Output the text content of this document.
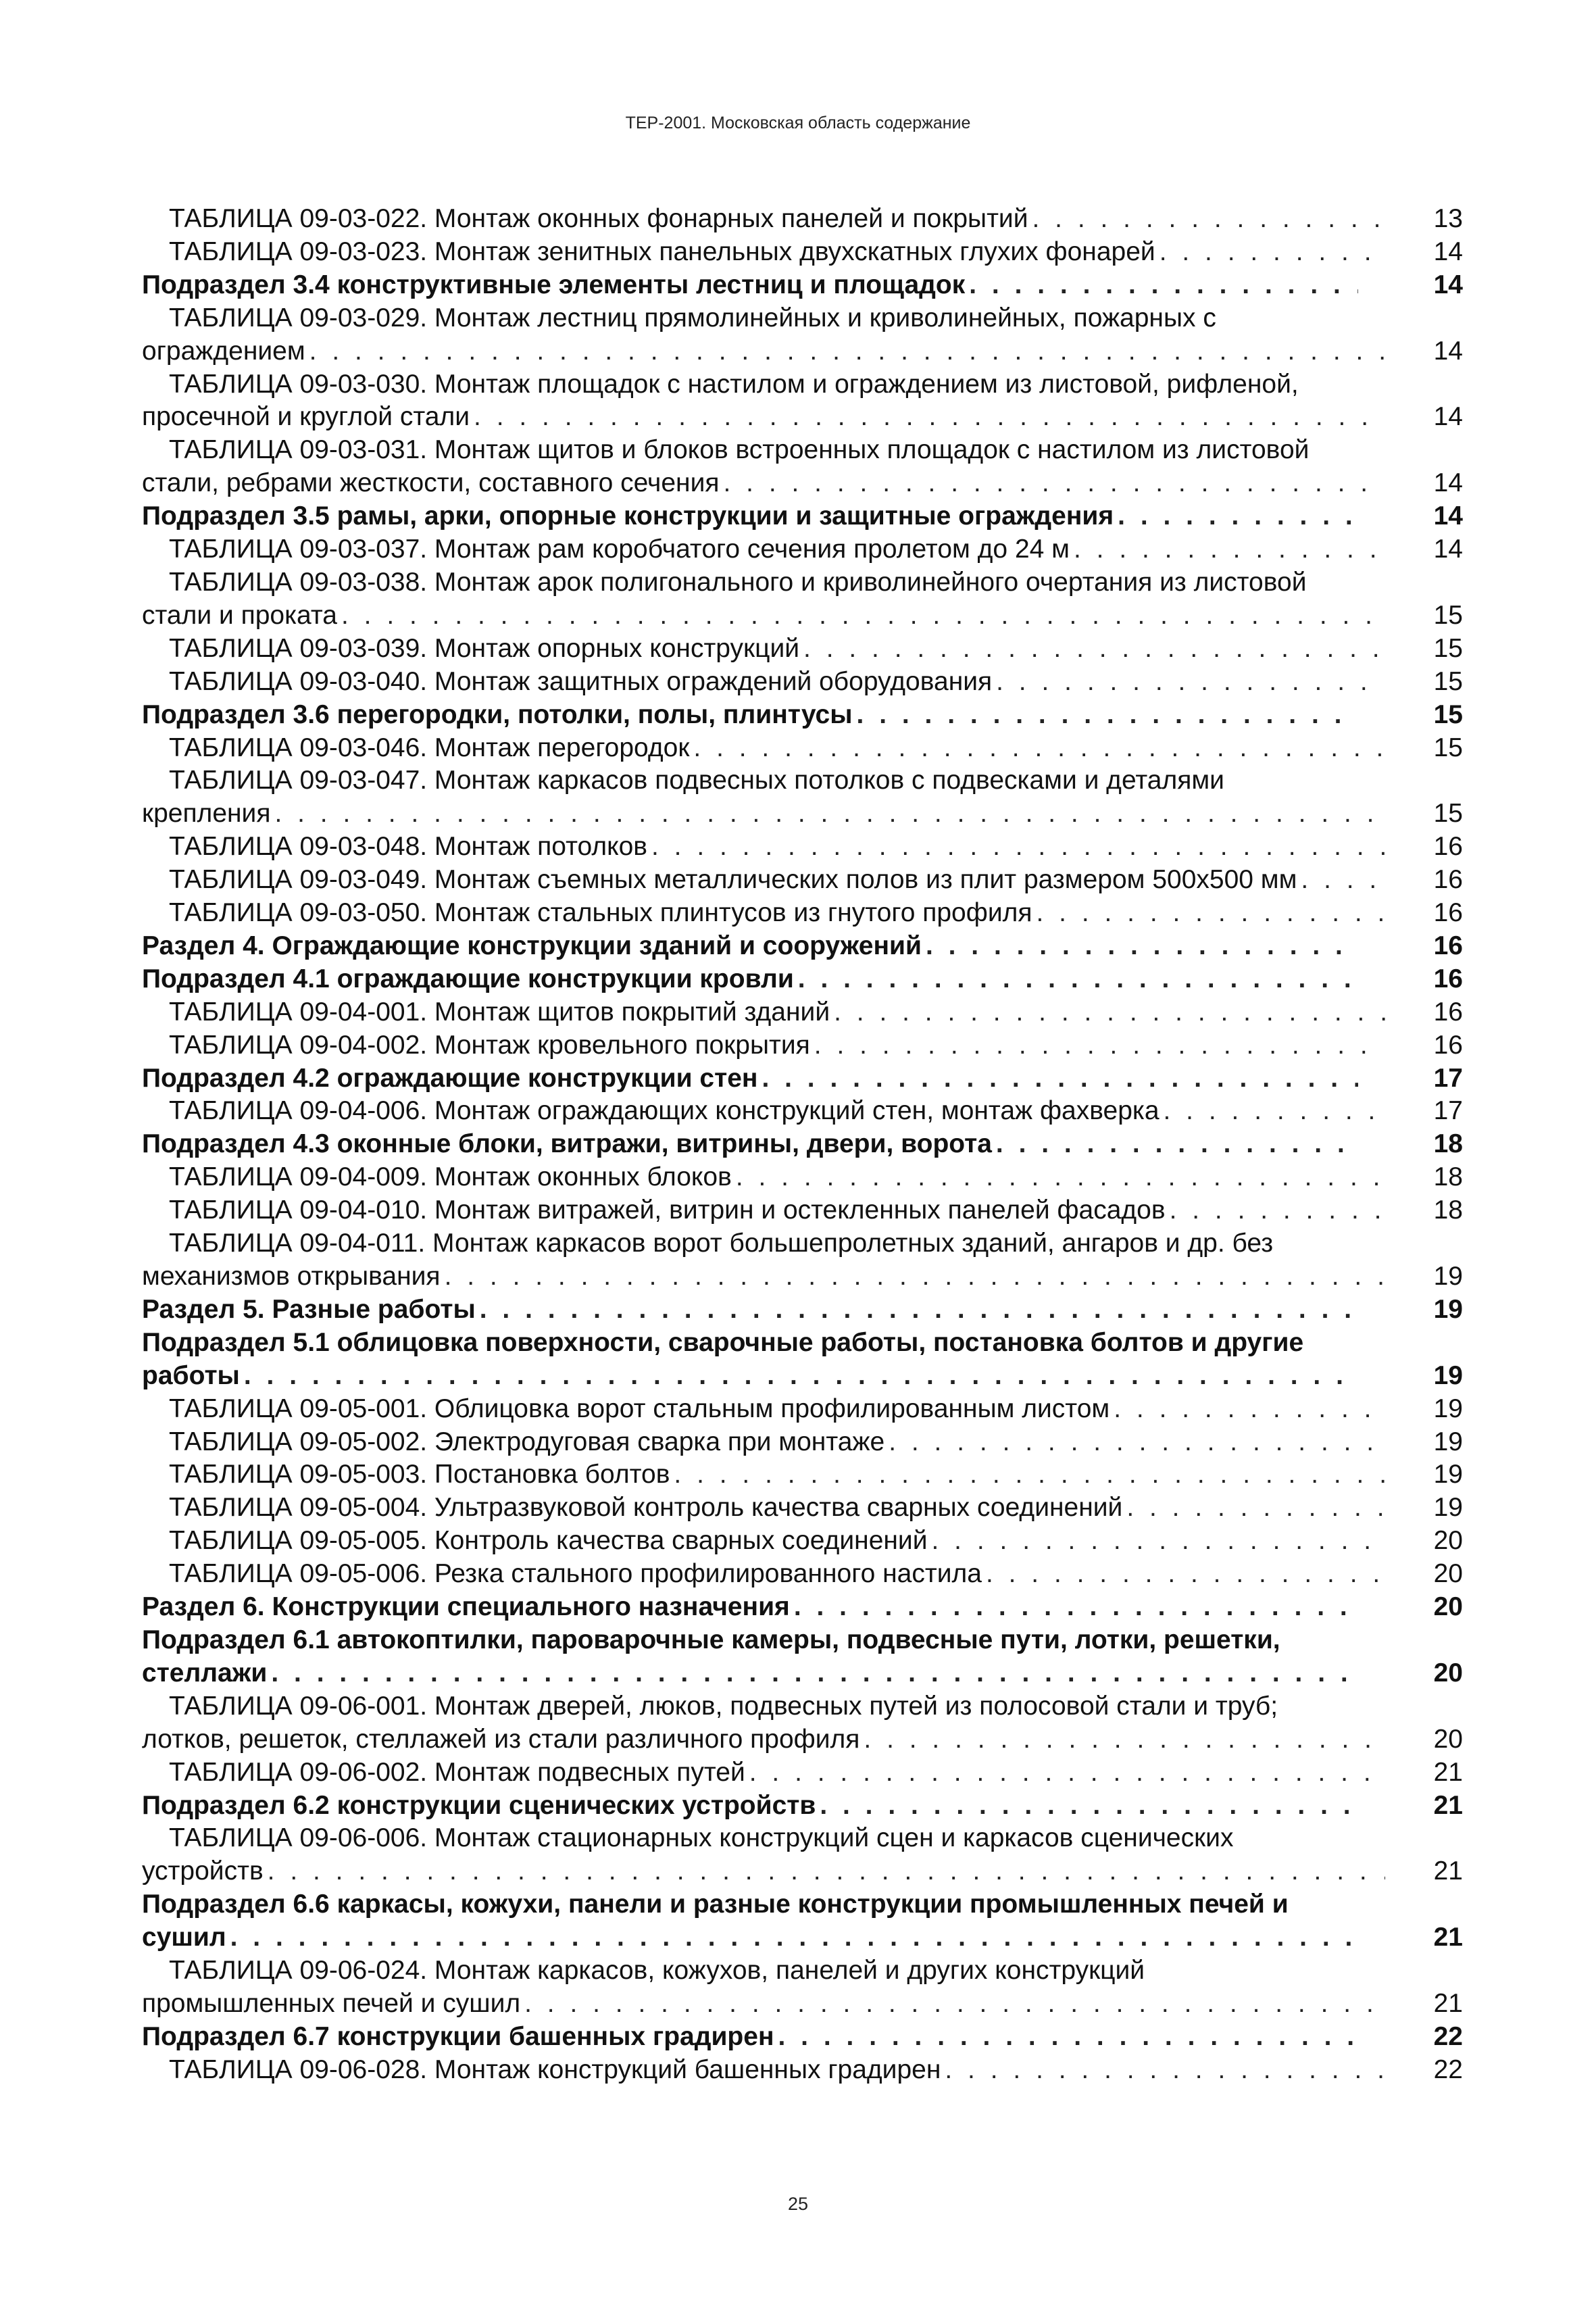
ТЕР-2001. Московская область содержание
ТАБЛИЦА 09-03-022. Монтаж оконных фонарных панелей и покрытий . . .	13
ТАБЛИЦА 09-03-023. Монтаж зенитных панельных двухскатных глухих фонарей . . .	14
Подраздел 3.4 конструктивные элементы лестниц и площадок . . .	14
ТАБЛИЦА 09-03-029. Монтаж лестниц прямолинейных и криволинейных, пожарных с
ограждением . . .	14
ТАБЛИЦА 09-03-030. Монтаж площадок с настилом и ограждением из листовой, рифленой,
просечной и круглой стали . . .	14
ТАБЛИЦА 09-03-031. Монтаж щитов и блоков встроенных площадок с настилом из листовой
стали, ребрами жесткости, составного сечения . . .	14
Подраздел 3.5 рамы, арки, опорные конструкции и защитные ограждения . . .	14
ТАБЛИЦА 09-03-037. Монтаж рам коробчатого сечения пролетом до 24 м . . .	14
ТАБЛИЦА 09-03-038. Монтаж арок полигонального и криволинейного очертания из листовой
стали и проката . . .	15
ТАБЛИЦА 09-03-039. Монтаж опорных конструкций . . .	15
ТАБЛИЦА 09-03-040. Монтаж защитных ограждений оборудования . . .	15
Подраздел 3.6 перегородки, потолки, полы, плинтусы . . .	15
ТАБЛИЦА 09-03-046. Монтаж перегородок . . .	15
ТАБЛИЦА 09-03-047. Монтаж каркасов подвесных потолков с подвесками и деталями
крепления . . .	15
ТАБЛИЦА 09-03-048. Монтаж потолков . . .	16
ТАБЛИЦА 09-03-049. Монтаж съемных металлических полов из плит размером 500х500 мм . . .	16
ТАБЛИЦА 09-03-050. Монтаж стальных плинтусов из гнутого профиля . . .	16
Раздел 4. Ограждающие конструкции зданий и сооружений . . .	16
Подраздел 4.1 ограждающие конструкции кровли . . .	16
ТАБЛИЦА 09-04-001. Монтаж щитов покрытий зданий . . .	16
ТАБЛИЦА 09-04-002. Монтаж кровельного покрытия . . .	16
Подраздел 4.2 ограждающие конструкции стен . . .	17
ТАБЛИЦА 09-04-006. Монтаж ограждающих конструкций стен, монтаж фахверка . . .	17
Подраздел 4.3 оконные блоки, витражи, витрины, двери, ворота . . .	18
ТАБЛИЦА 09-04-009. Монтаж оконных блоков . . .	18
ТАБЛИЦА 09-04-010. Монтаж витражей, витрин и остекленных панелей фасадов . . .	18
ТАБЛИЦА 09-04-011. Монтаж каркасов ворот большепролетных зданий, ангаров и др. без
механизмов открывания . . .	19
Раздел 5. Разные работы . . .	19
Подраздел 5.1 облицовка поверхности, сварочные работы, постановка болтов и другие
работы . . .	19
ТАБЛИЦА 09-05-001. Облицовка ворот стальным профилированным листом . . .	19
ТАБЛИЦА 09-05-002. Электродуговая сварка при монтаже . . .	19
ТАБЛИЦА 09-05-003. Постановка болтов . . .	19
ТАБЛИЦА 09-05-004. Ультразвуковой контроль качества сварных соединений . . .	19
ТАБЛИЦА 09-05-005. Контроль качества сварных соединений . . .	20
ТАБЛИЦА 09-05-006. Резка стального профилированного настила . . .	20
Раздел 6. Конструкции специального назначения . . .	20
Подраздел 6.1 автокоптилки, пароварочные камеры, подвесные пути, лотки, решетки,
стеллажи . . .	20
ТАБЛИЦА 09-06-001. Монтаж дверей, люков, подвесных путей из полосовой стали и труб;
лотков, решеток, стеллажей из стали различного профиля . . .	20
ТАБЛИЦА 09-06-002. Монтаж подвесных путей . . .	21
Подраздел 6.2 конструкции сценических устройств . . .	21
ТАБЛИЦА 09-06-006. Монтаж стационарных конструкций сцен и каркасов сценических
устройств . . .	21
Подраздел 6.6 каркасы, кожухи, панели и разные конструкции промышленных печей и
сушил . . .	21
ТАБЛИЦА 09-06-024. Монтаж каркасов, кожухов, панелей и других конструкций
промышленных печей и сушил . . .	21
Подраздел 6.7 конструкции башенных градирен . . .	22
ТАБЛИЦА 09-06-028. Монтаж конструкций башенных градирен . . .	22
25
